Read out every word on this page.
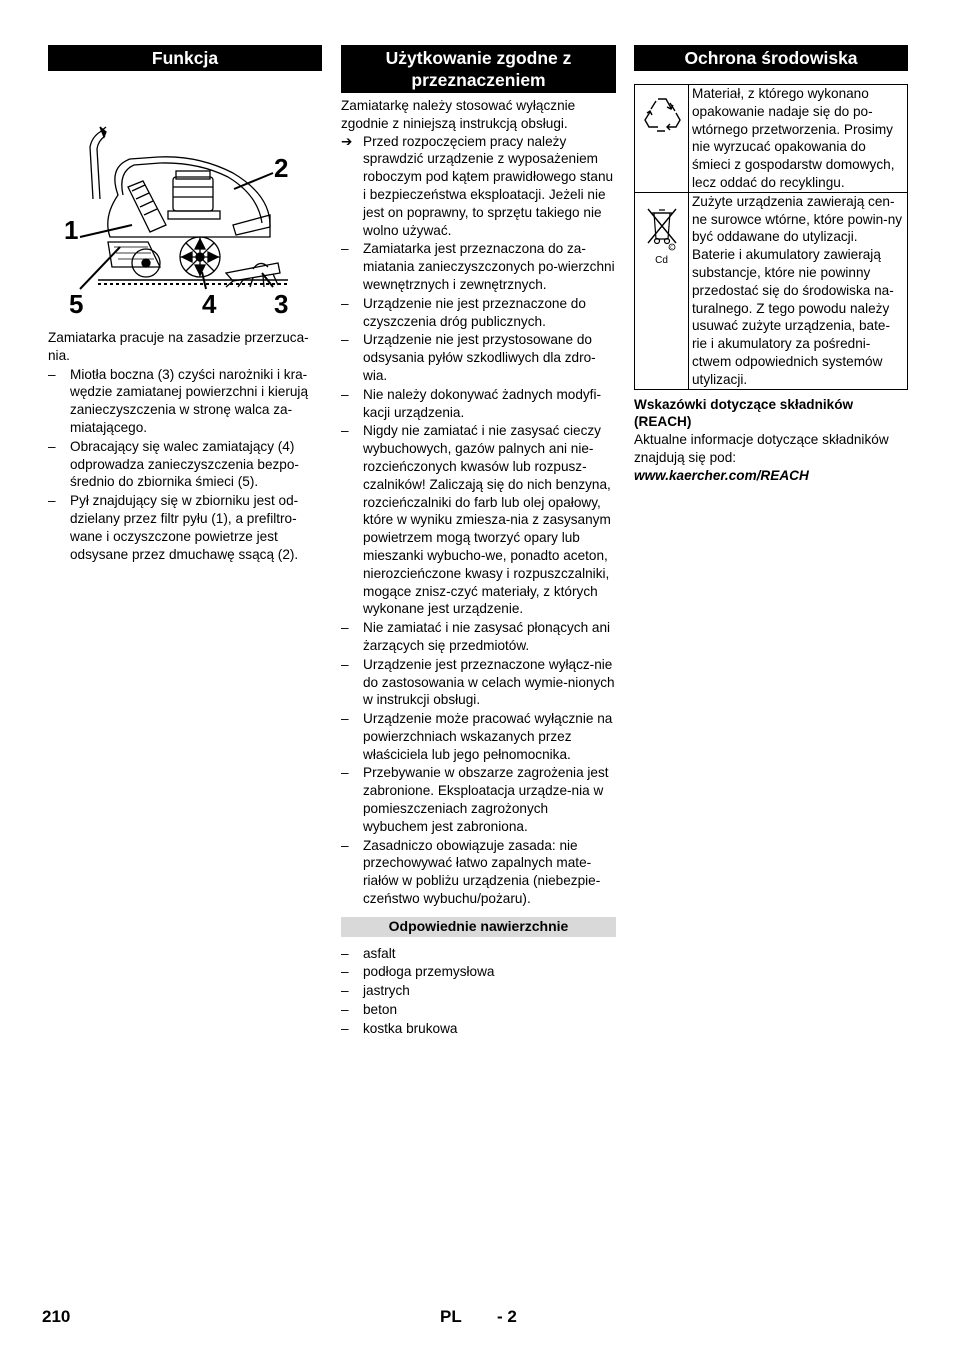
Funkcja
1
2
3
4
5

Zamiatarka pracuje na zasadzie przerzuca-nia.

– Miotła boczna (3) czyści narożniki i kra-wędzie zamiatanej powierzchni i kierują zanieczyszczenia w stronę walca za-miatającego.
– Obracający się walec zamiatający (4) odprowadza zanieczyszczenia bezpo-średnio do zbiornika śmieci (5).
– Pył znajdujący się w zbiorniku jest od-dzielany przez filtr pyłu (1), a prefiltro-wane i oczyszczone powietrze jest odsysane przez dmuchawę ssącą (2).
Użytkowanie zgodne z przeznaczeniem

Zamiatarkę należy stosować wyłącznie zgodnie z niniejszą instrukcją obsługi.

➔ Przed rozpoczęciem pracy należy sprawdzić urządzenie z wyposażeniem roboczym pod kątem prawidłowego stanu i bezpieczeństwa eksploatacji. Jeżeli nie jest on poprawny, to sprzętu takiego nie wolno używać.
– Zamiatarka jest przeznaczona do za-miatania zanieczyszczonych po-wierzchni wewnętrznych i zewnętrznych.
– Urządzenie nie jest przeznaczone do czyszczenia dróg publicznych.
– Urządzenie nie jest przystosowane do odsysania pyłów szkodliwych dla zdro-wia.
– Nie należy dokonywać żadnych modyfi-kacji urządzenia.
– Nigdy nie zamiatać i nie zasysać cieczy wybuchowych, gazów palnych ani nie-rozcieńczonych kwasów lub rozpusz-czalników! Zaliczają się do nich benzyna, rozcieńczalniki do farb lub olej opałowy, które w wyniku zmiesza-nia z zasysanym powietrzem mogą tworzyć opary lub mieszanki wybucho-we, ponadto aceton, nierozcieńczone kwasy i rozpuszczalniki, mogące znisz-czyć materiały, z których wykonane jest urządzenie.
– Nie zamiatać i nie zasysać płonących ani żarzących się przedmiotów.
– Urządzenie jest przeznaczone wyłącz-nie do zastosowania w celach wymie-nionych w instrukcji obsługi.
– Urządzenie może pracować wyłącznie na powierzchniach wskazanych przez właściciela lub jego pełnomocnika.
– Przebywanie w obszarze zagrożenia jest zabronione. Eksploatacja urządze-nia w pomieszczeniach zagrożonych wybuchem jest zabroniona.
– Zasadniczo obowiązuje zasada: nie przechowywać łatwo zapalnych mate-riałów w pobliżu urządzenia (niebezpie-czeństwo wybuchu/pożaru).
Odpowiednie nawierzchnie
– asfalt
– podłoga przemysłowa
– jastrych
– beton
– kostka brukowa
Ochrona środowiska
	Materiał, z którego wykonano opakowanie nadaje się do po-wtórnego przetworzenia. Prosimy nie wyrzucać opakowania do śmieci z gospodarstw domowych, lecz oddać do recyklingu.

C
Cd	Zużyte urządzenia zawierają cen-ne surowce wtórne, które powin-ny być oddawane do utylizacji. Baterie i akumulatory zawierają substancje, które nie powinny przedostać się do środowiska na-turalnego. Z tego powodu należy usuwać zużyte urządzenia, bate-rie i akumulatory za pośredni-ctwem odpowiednich systemów utylizacji.

Wskazówki dotyczące składników (REACH)

Aktualne informacje dotyczące składników znajdują się pod:

www.kaercher.com/REACH

210	PL - 2
